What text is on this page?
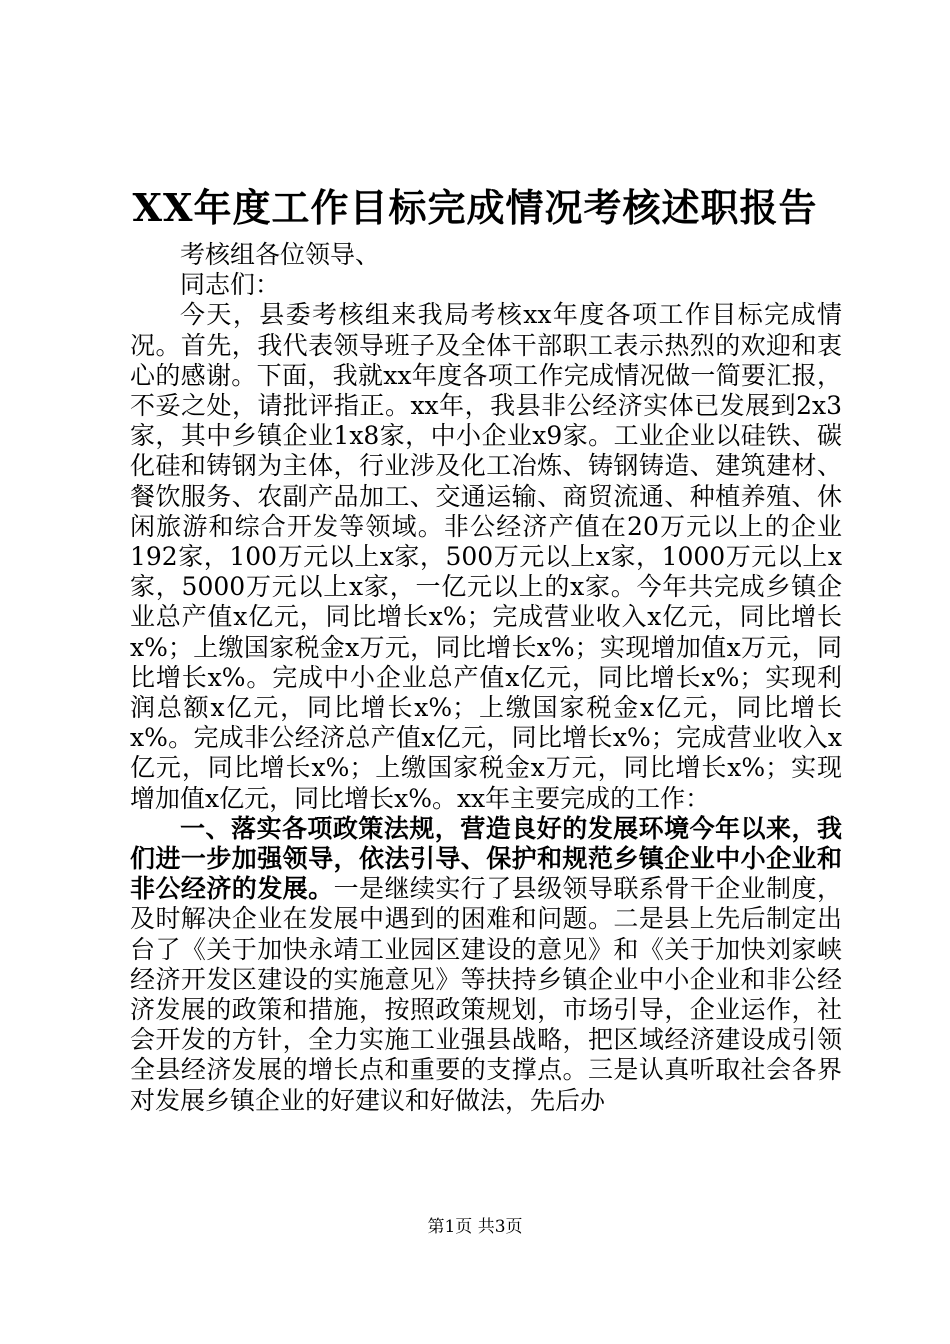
XX年度工作目标完成情况考核述职报告

考核组各位领导、

同志们：

今天，县委考核组来我局考核xx年度各项工作目标完成情况。首先，我代表领导班子及全体干部职工表示热烈的欢迎和衷心的感谢。下面，我就xx年度各项工作完成情况做一简要汇报，不妥之处，请批评指正。xx年，我县非公经济实体已发展到2x3家，其中乡镇企业1x8家，中小企业x9家。工业企业以硅铁、碳化硅和铸钢为主体，行业涉及化工冶炼、铸钢铸造、建筑建材、餐饮服务、农副产品加工、交通运输、商贸流通、种植养殖、休闲旅游和综合开发等领域。非公经济产值在20万元以上的企业192家，100万元以上x家，500万元以上x家，1000万元以上x家，5000万元以上x家，一亿元以上的x家。今年共完成乡镇企业总产值x亿元，同比增长x%；完成营业收入x亿元，同比增长x%；上缴国家税金x万元，同比增长x%；实现增加值x万元，同比增长x%。完成中小企业总产值x亿元，同比增长x%；实现利润总额x亿元，同比增长x%；上缴国家税金x亿元，同比增长x%。完成非公经济总产值x亿元，同比增长x%；完成营业收入x亿元，同比增长x%；上缴国家税金x万元，同比增长x%；实现增加值x亿元，同比增长x%。xx年主要完成的工作：

一、落实各项政策法规，营造良好的发展环境今年以来，我们进一步加强领导，依法引导、保护和规范乡镇企业中小企业和非公经济的发展。一是继续实行了县级领导联系骨干企业制度，及时解决企业在发展中遇到的困难和问题。二是县上先后制定出台了《关于加快永靖工业园区建设的意见》和《关于加快刘家峡经济开发区建设的实施意见》等扶持乡镇企业中小企业和非公经济发展的政策和措施，按照政策规划，市场引导，企业运作，社会开发的方针，全力实施工业强县战略，把区域经济建设成引领全县经济发展的增长点和重要的支撑点。三是认真听取社会各界对发展乡镇企业的好建议和好做法，先后办

第1页 共3页
